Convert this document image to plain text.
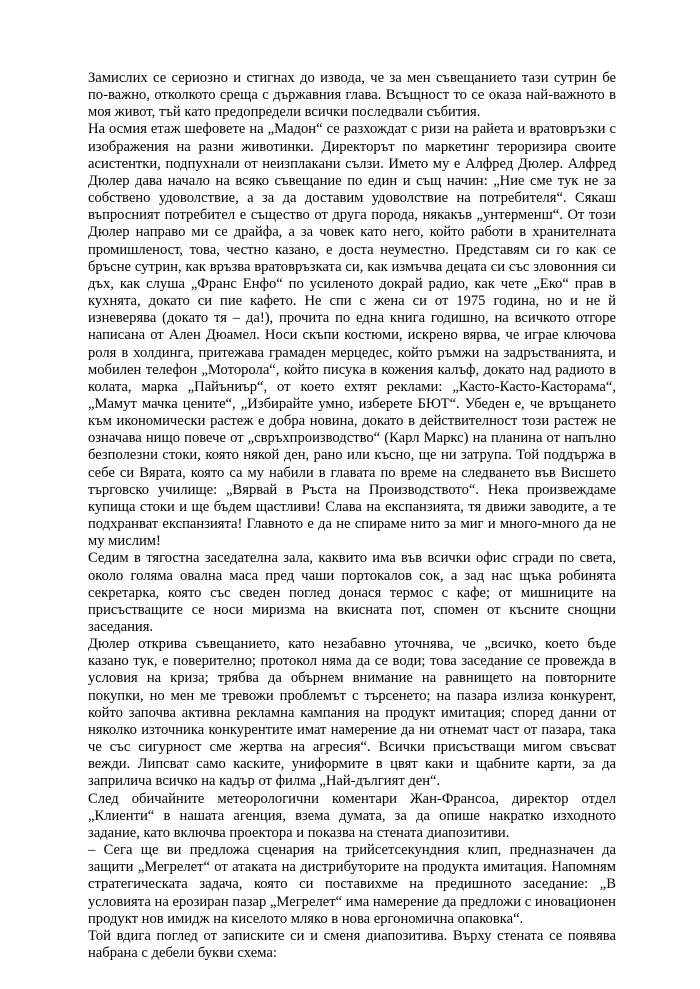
Замислих се сериозно и стигнах до извода, че за мен съвещанието тази сутрин бе по-важно, отколкото среща с държавния глава. Всъщност то се оказа най-важното в моя живот, тъй като предопредели всички последвали събития.

На осмия етаж шефовете на „Мадон“ се разхождат с ризи на райета и вратовръзки с изображения на разни животинки. Директорът по маркетинг тероризира своите асистентки, подпухнали от неизплакани сълзи. Името му е Алфред Дюлер. Алфред Дюлер дава начало на всяко съвещание по един и същ начин: „Ние сме тук не за собствено удоволствие, а за да доставим удоволствие на потребителя“. Сякаш въпросният потребител е същество от друга порода, някакъв „унтерменш“. От този Дюлер направо ми се драйфа, а за човек като него, който работи в хранителната промишленост, това, честно казано, е доста неуместно. Представям си го как се бръсне сутрин, как връзва вратовръзката си, как измъчва децата си със зловонния си дъх, как слуша „Франс Енфо“ по усиленото докрай радио, как чете „Еко“ прав в кухнята, докато си пие кафето. Не спи с жена си от 1975 година, но и не й изневерява (докато тя – да!), прочита по една книга годишно, на всичкото отгоре написана от Ален Дюамел. Носи скъпи костюми, искрено вярва, че играе ключова роля в холдинга, притежава грамаден мерцедес, който ръмжи на задръстванията, и мобилен телефон „Моторола“, който писука в кожения калъф, докато над радиото в колата, марка „Пайъниър“, от което ехтят реклами: „Касто-Касто-Касторама“, „Мамут мачка цените“, „Избирайте умно, изберете БЮТ“. Убеден е, че връщането към икономически растеж е добра новина, докато в действителност този растеж не означава нищо повече от „свръхпроизводство“ (Карл Маркс) на планина от напълно безполезни стоки, която някой ден, рано или късно, ще ни затрупа. Той поддържа в себе си Вярата, която са му набили в главата по време на следването във Висшето търговско училище: „Вярвай в Ръста на Производството“. Нека произвеждаме купища стоки и ще бъдем щастливи! Слава на експанзията, тя движи заводите, а те подхранват експанзията! Главното е да не спираме нито за миг и много-много да не му мислим!

Седим в тягостна заседателна зала, каквито има във всички офис сгради по света, около голяма овална маса пред чаши портокалов сок, а зад нас щъка робинята секретарка, която със сведен поглед донася термос с кафе; от мишниците на присъстващите се носи миризма на вкисната пот, спомен от късните снощни заседания.

Дюлер открива съвещанието, като незабавно уточнява, че „всичко, което бъде казано тук, е поверително; протокол няма да се води; това заседание се провежда в условия на криза; трябва да обърнем внимание на равнището на повторните покупки, но мен ме тревожи проблемът с търсенето; на пазара излиза конкурент, който започва активна рекламна кампания на продукт имитация; според данни от няколко източника конкурентите имат намерение да ни отнемат част от пазара, така че със сигурност сме жертва на агресия“. Всички присъстващи мигом свъсват вежди. Липсват само каските, униформите в цвят каки и щабните карти, за да заприлича всичко на кадър от филма „Най-дългият ден“.

След обичайните метеорологични коментари Жан-Франсоа, директор отдел „Клиенти“ в нашата агенция, взема думата, за да опише накратко изходното задание, като включва проектора и показва на стената диапозитиви.

– Сега ще ви предложа сценария на трийсетсекундния клип, предназначен да защити „Мегрелет“ от атаката на дистрибуторите на продукта имитация. Напомням стратегическата задача, която си поставихме на предишното заседание: „В условията на ерозиран пазар „Мегрелет“ има намерение да предложи с иновационен продукт нов имидж на киселото мляко в нова ергономична опаковка“.

Той вдига поглед от записките си и сменя диапозитива. Върху стената се появява набрана с дебели букви схема:
